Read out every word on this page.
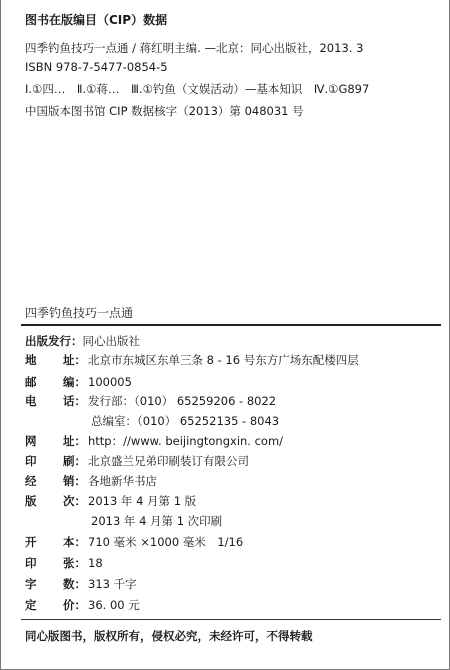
图书在版编目（CIP）数据
四季钓鱼技巧一点通 / 蒋红明主编. —北京：同心出版社，2013. 3
ISBN 978-7-5477-0854-5
Ⅰ.①四…　Ⅱ.①蒋…　Ⅲ.①钓鱼（文娱活动）—基本知识　Ⅳ.①G897
中国版本图书馆 CIP 数据核字（2013）第 048031 号
四季钓鱼技巧一点通
出版发行：同心出版社
地 址： 北京市东城区东单三条 8 - 16 号东方广场东配楼四层
邮 编： 100005
电 话： 发行部：（010） 65259206 - 8022
总编室：（010） 65252135 - 8043
网 址： http：//www. beijingtongxin. com/
印 刷： 北京盛兰兄弟印刷装订有限公司
经 销： 各地新华书店
版 次： 2013 年 4 月第 1 版
2013 年 4 月第 1 次印刷
开 本： 710 毫米 ×1000 毫米　1/16
印 张： 18
字 数： 313 千字
定 价： 36. 00 元
同心版图书，版权所有，侵权必究，未经许可，不得转载
